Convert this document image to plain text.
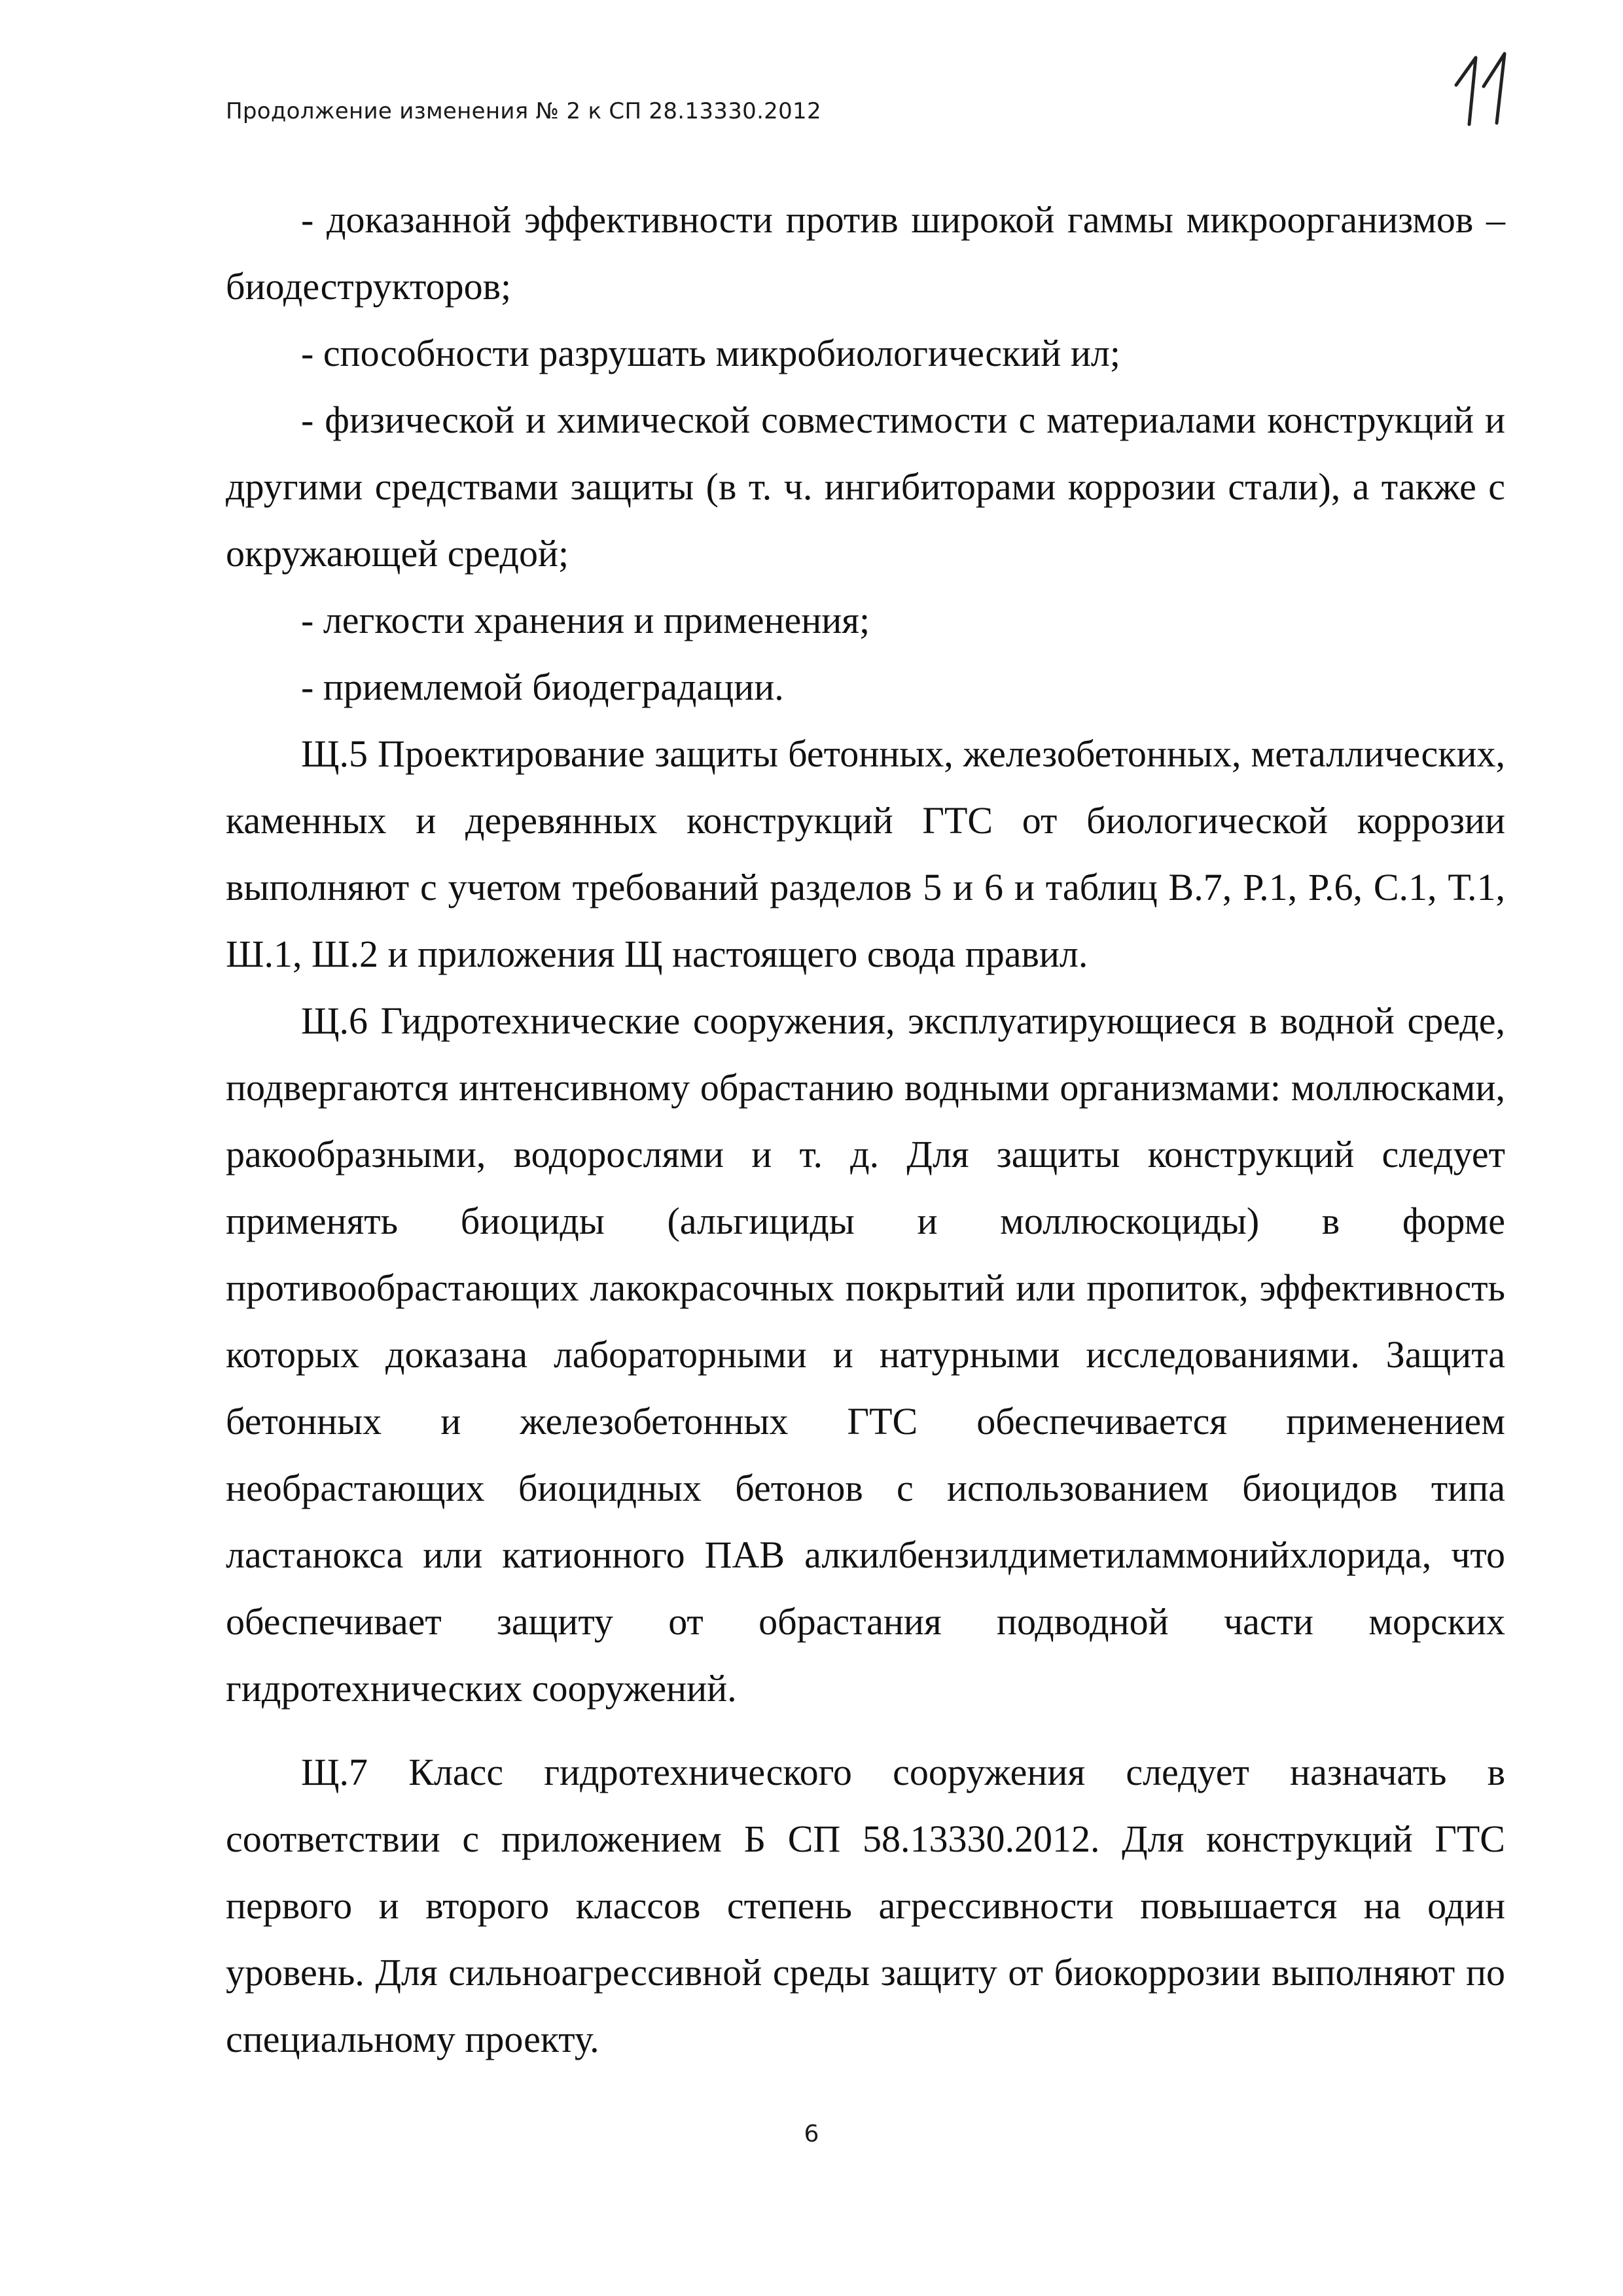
Продолжение изменения № 2 к СП 28.13330.2012

- доказанной эффективности против широкой гаммы микроорганизмов – биодеструкторов;

- способности разрушать микробиологический ил;

- физической и химической совместимости с материалами конструкций и другими средствами защиты (в т. ч. ингибиторами коррозии стали), а также с окружающей средой;

- легкости хранения и применения;

- приемлемой биодеградации.

Щ.5 Проектирование защиты бетонных, железобетонных, металлических, каменных и деревянных конструкций ГТС от биологической коррозии выполняют с учетом требований разделов 5 и 6 и таблиц В.7, Р.1, Р.6, С.1, Т.1, Ш.1, Ш.2 и приложения Щ настоящего свода правил.

Щ.6 Гидротехнические сооружения, эксплуатирующиеся в водной среде, подвергаются интенсивному обрастанию водными организмами: моллюсками, ракообразными, водорослями и т. д. Для защиты конструкций следует применять биоциды (альгициды и моллюскоциды) в форме противообрастающих лакокрасочных покрытий или пропиток, эффективность которых доказана лабораторными и натурными исследованиями. Защита бетонных и железобетонных ГТС обеспечивается применением необрастающих биоцидных бетонов с использованием биоцидов типа ластанокса или катионного ПАВ алкилбензилдиметиламмонийхлорида, что обеспечивает защиту от обрастания подводной части морских гидротехнических сооружений.

Щ.7 Класс гидротехнического сооружения следует назначать в соответствии с приложением Б СП 58.13330.2012. Для конструкций ГТС первого и второго классов степень агрессивности повышается на один уровень. Для сильноагрессивной среды защиту от биокоррозии выполняют по специальному проекту.

6
